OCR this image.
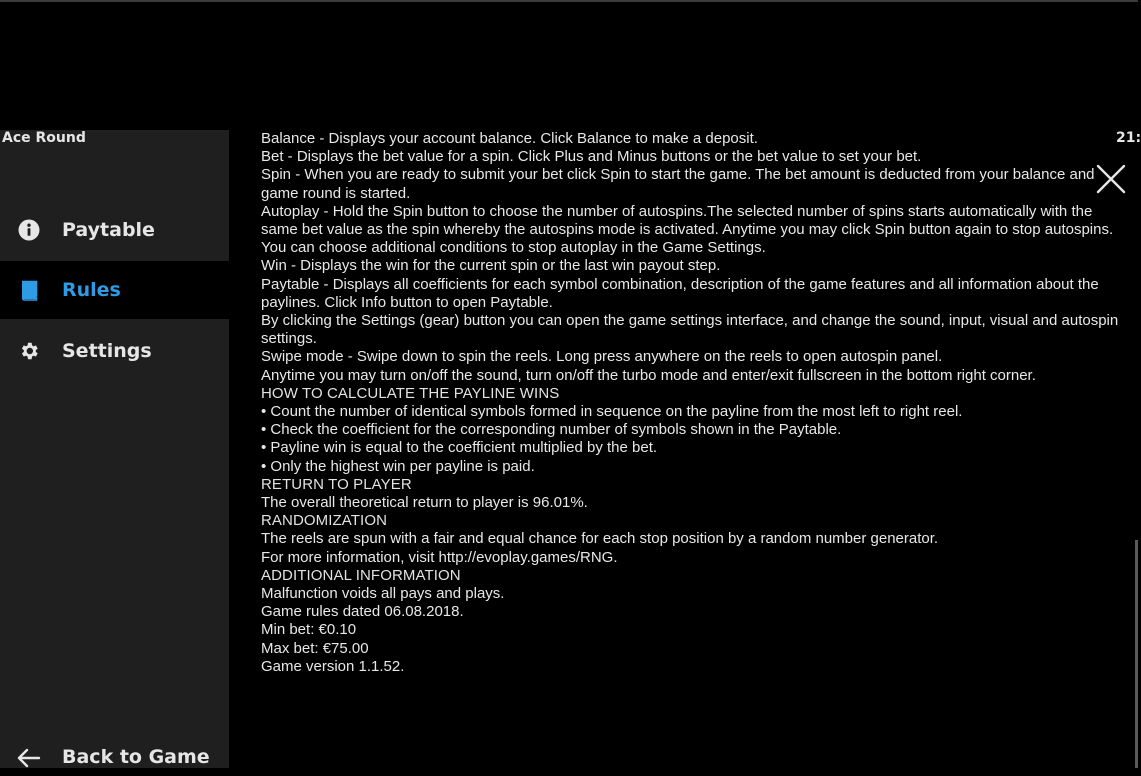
Paytable
Rules
Settings
Back to Game
Ace Round	21:

Balance - Displays your account balance. Click Balance to make a deposit.

Bet - Displays the bet value for a spin. Click Plus and Minus buttons or the bet value to set your bet.

Spin - When you are ready to submit your bet click Spin to start the game. The bet amount is deducted from your balance and game round is started.

Autoplay - Hold the Spin button to choose the number of autospins.The selected number of spins starts automatically with the same bet value as the spin whereby the autospins mode is activated. Anytime you may click Spin button again to stop autospins. You can choose additional conditions to stop autoplay in the Game Settings.

Win - Displays the win for the current spin or the last win payout step.

Paytable - Displays all coefficients for each symbol combination, description of the game features and all information about the paylines. Click Info button to open Paytable.

By clicking the Settings (gear) button you can open the game settings interface, and change the sound, input, visual and autospin settings.

Swipe mode - Swipe down to spin the reels. Long press anywhere on the reels to open autospin panel.

Anytime you may turn on/off the sound, turn on/off the turbo mode and enter/exit fullscreen in the bottom right corner.

HOW TO CALCULATE THE PAYLINE WINS

• Count the number of identical symbols formed in sequence on the payline from the most left to right reel.

• Check the coefficient for the corresponding number of symbols shown in the Paytable.

• Payline win is equal to the coefficient multiplied by the bet.

• Only the highest win per payline is paid.

RETURN TO PLAYER

The overall theoretical return to player is 96.01%.

RANDOMIZATION

The reels are spun with a fair and equal chance for each stop position by a random number generator.

For more information, visit http://evoplay.games/RNG.

ADDITIONAL INFORMATION

Malfunction voids all pays and plays.

Game rules dated 06.08.2018.

Min bet: €0.10

Max bet: €75.00

Game version 1.1.52.
